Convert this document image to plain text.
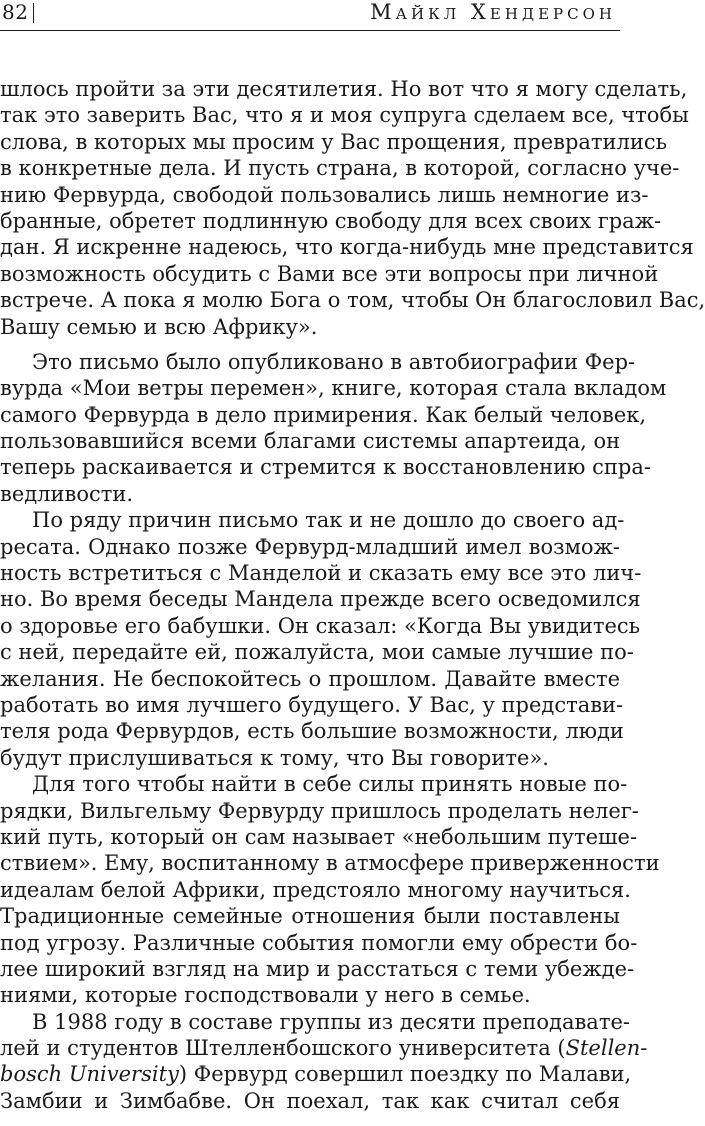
82	Майкл Хендерсон
шлось пройти за эти десятилетия. Но вот что я могу сделать,
так это заверить Вас, что я и моя супруга сделаем все, чтобы
слова, в которых мы просим у Вас прощения, превратились
в конкретные дела. И пусть страна, в которой, согласно уче-
нию Фервурда, свободой пользовались лишь немногие из-
бранные, обретет подлинную свободу для всех своих граж-
дан. Я искренне надеюсь, что когда-нибудь мне представится
возможность обсудить с Вами все эти вопросы при личной
встрече. А пока я молю Бога о том, чтобы Он благословил Вас,
Вашу семью и всю Африку».
Это письмо было опубликовано в автобиографии Фер-
вурда «Мои ветры перемен», книге, которая стала вкладом
самого Фервурда в дело примирения. Как белый человек,
пользовавшийся всеми благами системы апартеида, он
теперь раскаивается и стремится к восстановлению спра-
ведливости.
По ряду причин письмо так и не дошло до своего ад-
ресата. Однако позже Фервурд-младший имел возмож-
ность встретиться с Манделой и сказать ему все это лич-
но. Во время беседы Мандела прежде всего осведомился
о здоровье его бабушки. Он сказал: «Когда Вы увидитесь
с ней, передайте ей, пожалуйста, мои самые лучшие по-
желания. Не беспокойтесь о прошлом. Давайте вместе
работать во имя лучшего будущего. У Вас, у представи-
теля рода Фервурдов, есть большие возможности, люди
будут прислушиваться к тому, что Вы говорите».
Для того чтобы найти в себе силы принять новые по-
рядки, Вильгельму Фервурду пришлось проделать нелег-
кий путь, который он сам называет «небольшим путеше-
ствием». Ему, воспитанному в атмосфере приверженности
идеалам белой Африки, предстояло многому научиться.
Традиционные семейные отношения были поставлены
под угрозу. Различные события помогли ему обрести бо-
лее широкий взгляд на мир и расстаться с теми убежде-
ниями, которые господствовали у него в семье.
В 1988 году в составе группы из десяти преподавате-
лей и студентов Штелленбошского университета (Stellen-
bosch University) Фервурд совершил поездку по Малави,
Замбии и Зимбабве. Он поехал, так как считал себя
